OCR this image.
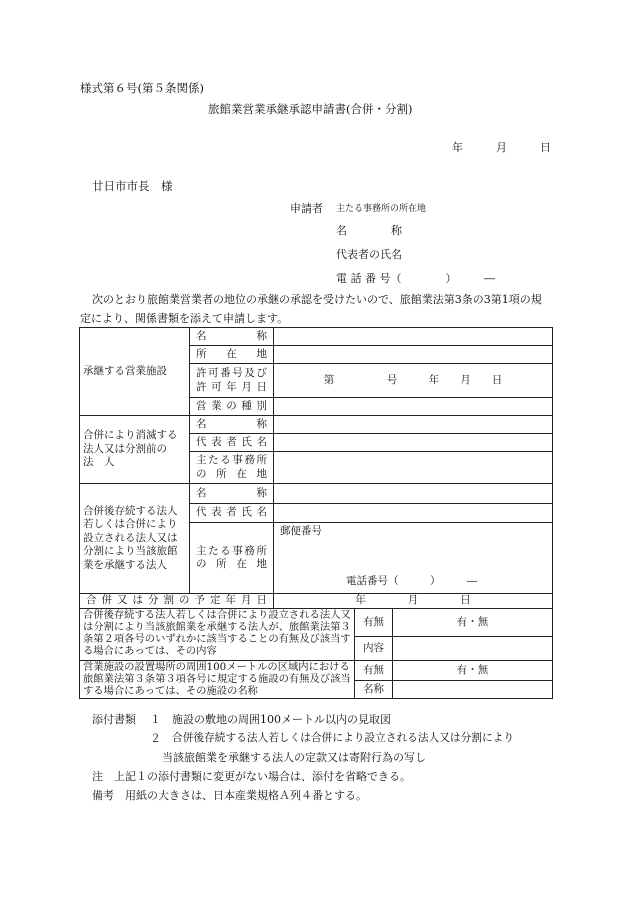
様式第６号(第５条関係)
旅館業営業承継承認申請書(合併・分割)
年	月	日
廿日市市長　様
申請者 主たる事務所の所在地
名　　　　称
代表者の氏名
電 話 番 号（　　　　）　　　―
次のとおり旅館業営業者の地位の承継の承認を受けたいので、旅館業法第3条の3第1項の規定により、関係書類を添えて申請します。
承継する営業施設	名　　称			
	所　在　地			
	許可番号及び許可年月日	第　　　　　号　　　年　　月　　日		
	営業の種別			
合併により消滅する法人又は分割前の　法　人	名　　称			
	代表者氏名			
	主たる事務所の所在地			
合併後存続する法人若しくは合併により設立される法人又は分割により当該旅館業を承継する法人	名　　称			
	代表者氏名			
	主たる事務所の所在地	郵便番号
電話番号（　　　）　　　―		

合 併 又 は 分 割 の 予 定 年 月 日		年　　　　月　　　　日		
合併後存続する法人若しくは合併により設立される法人又は分割により当該旅館業を承継する法人が、旅館業法第３条第２項各号のいずれかに該当することの有無及び該当する場合にあっては、その内容			有無	有・無
			内容	
営業施設の設置場所の周囲100メートルの区域内における旅館業法第３条第３項各号に規定する施設の有無及び該当する場合にあっては、その施設の名称			有無	有・無
			名称	
添付書類 １ 施設の敷地の周囲100メートル以内の見取図
２ 合併後存続する法人若しくは合併により設立される法人又は分割により
当該旅館業を承継する法人の定款又は寄附行為の写し
注　上記１の添付書類に変更がない場合は、添付を省略できる。
備考　用紙の大きさは、日本産業規格Ａ列４番とする。
